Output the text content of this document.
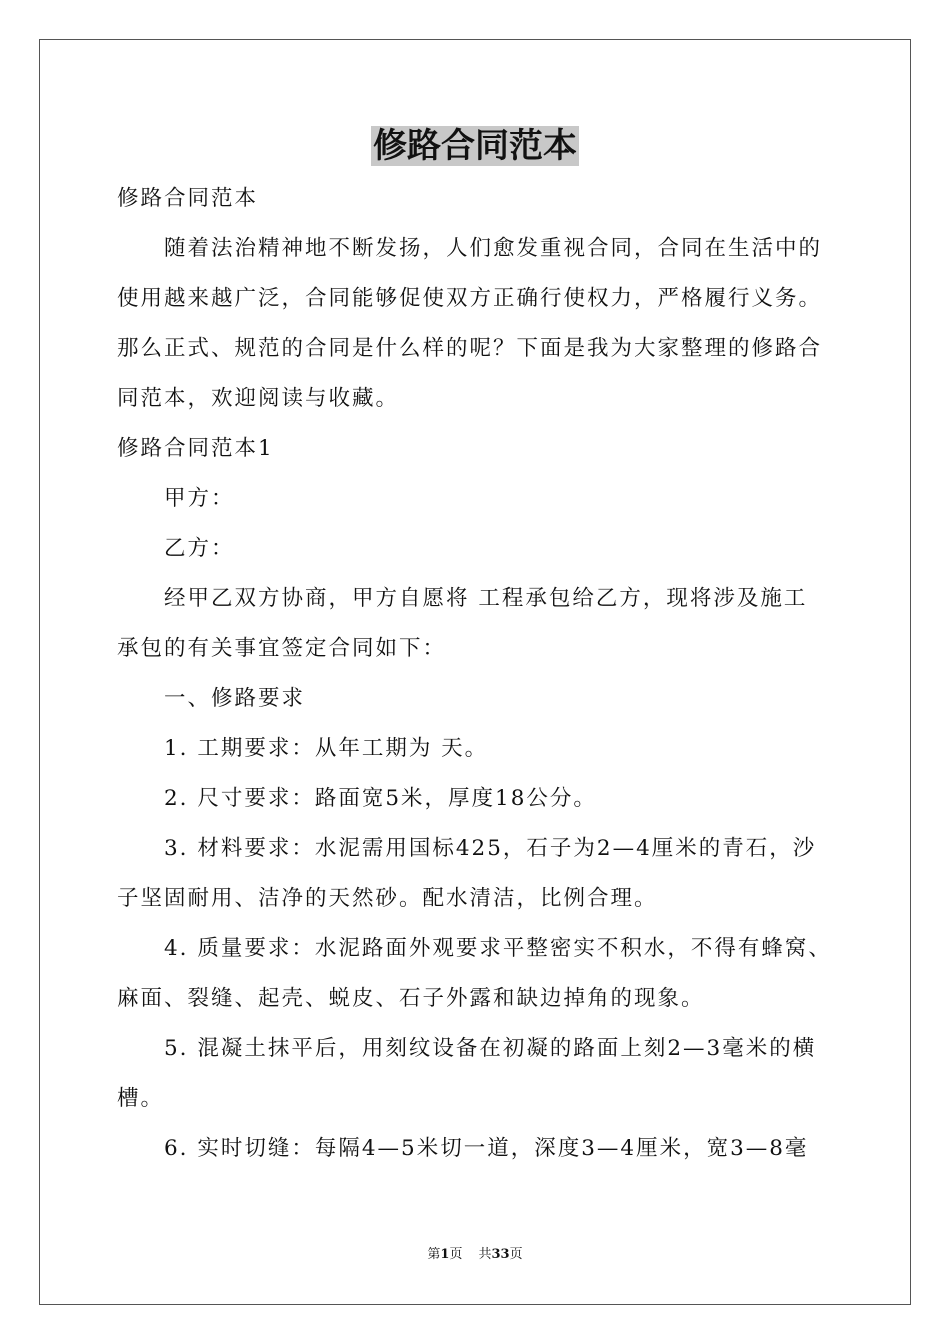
修路合同范本
修路合同范本
随着法治精神地不断发扬，人们愈发重视合同，合同在生活中的
使用越来越广泛，合同能够促使双方正确行使权力，严格履行义务。
那么正式、规范的合同是什么样的呢？下面是我为大家整理的修路合
同范本，欢迎阅读与收藏。
修路合同范本1
甲方：
乙方：
经甲乙双方协商，甲方自愿将 工程承包给乙方，现将涉及施工
承包的有关事宜签定合同如下：
一、修路要求
1. 工期要求：从年工期为 天。
2. 尺寸要求：路面宽5米，厚度18公分。
3. 材料要求：水泥需用国标425，石子为2—4厘米的青石，沙
子坚固耐用、洁净的天然砂。配水清洁，比例合理。
4. 质量要求：水泥路面外观要求平整密实不积水，不得有蜂窝、
麻面、裂缝、起壳、蜕皮、石子外露和缺边掉角的现象。
5. 混凝土抹平后，用刻纹设备在初凝的路面上刻2—3毫米的横
槽。
6. 实时切缝：每隔4—5米切一道，深度3—4厘米，宽3—8毫
第1页 共33页
